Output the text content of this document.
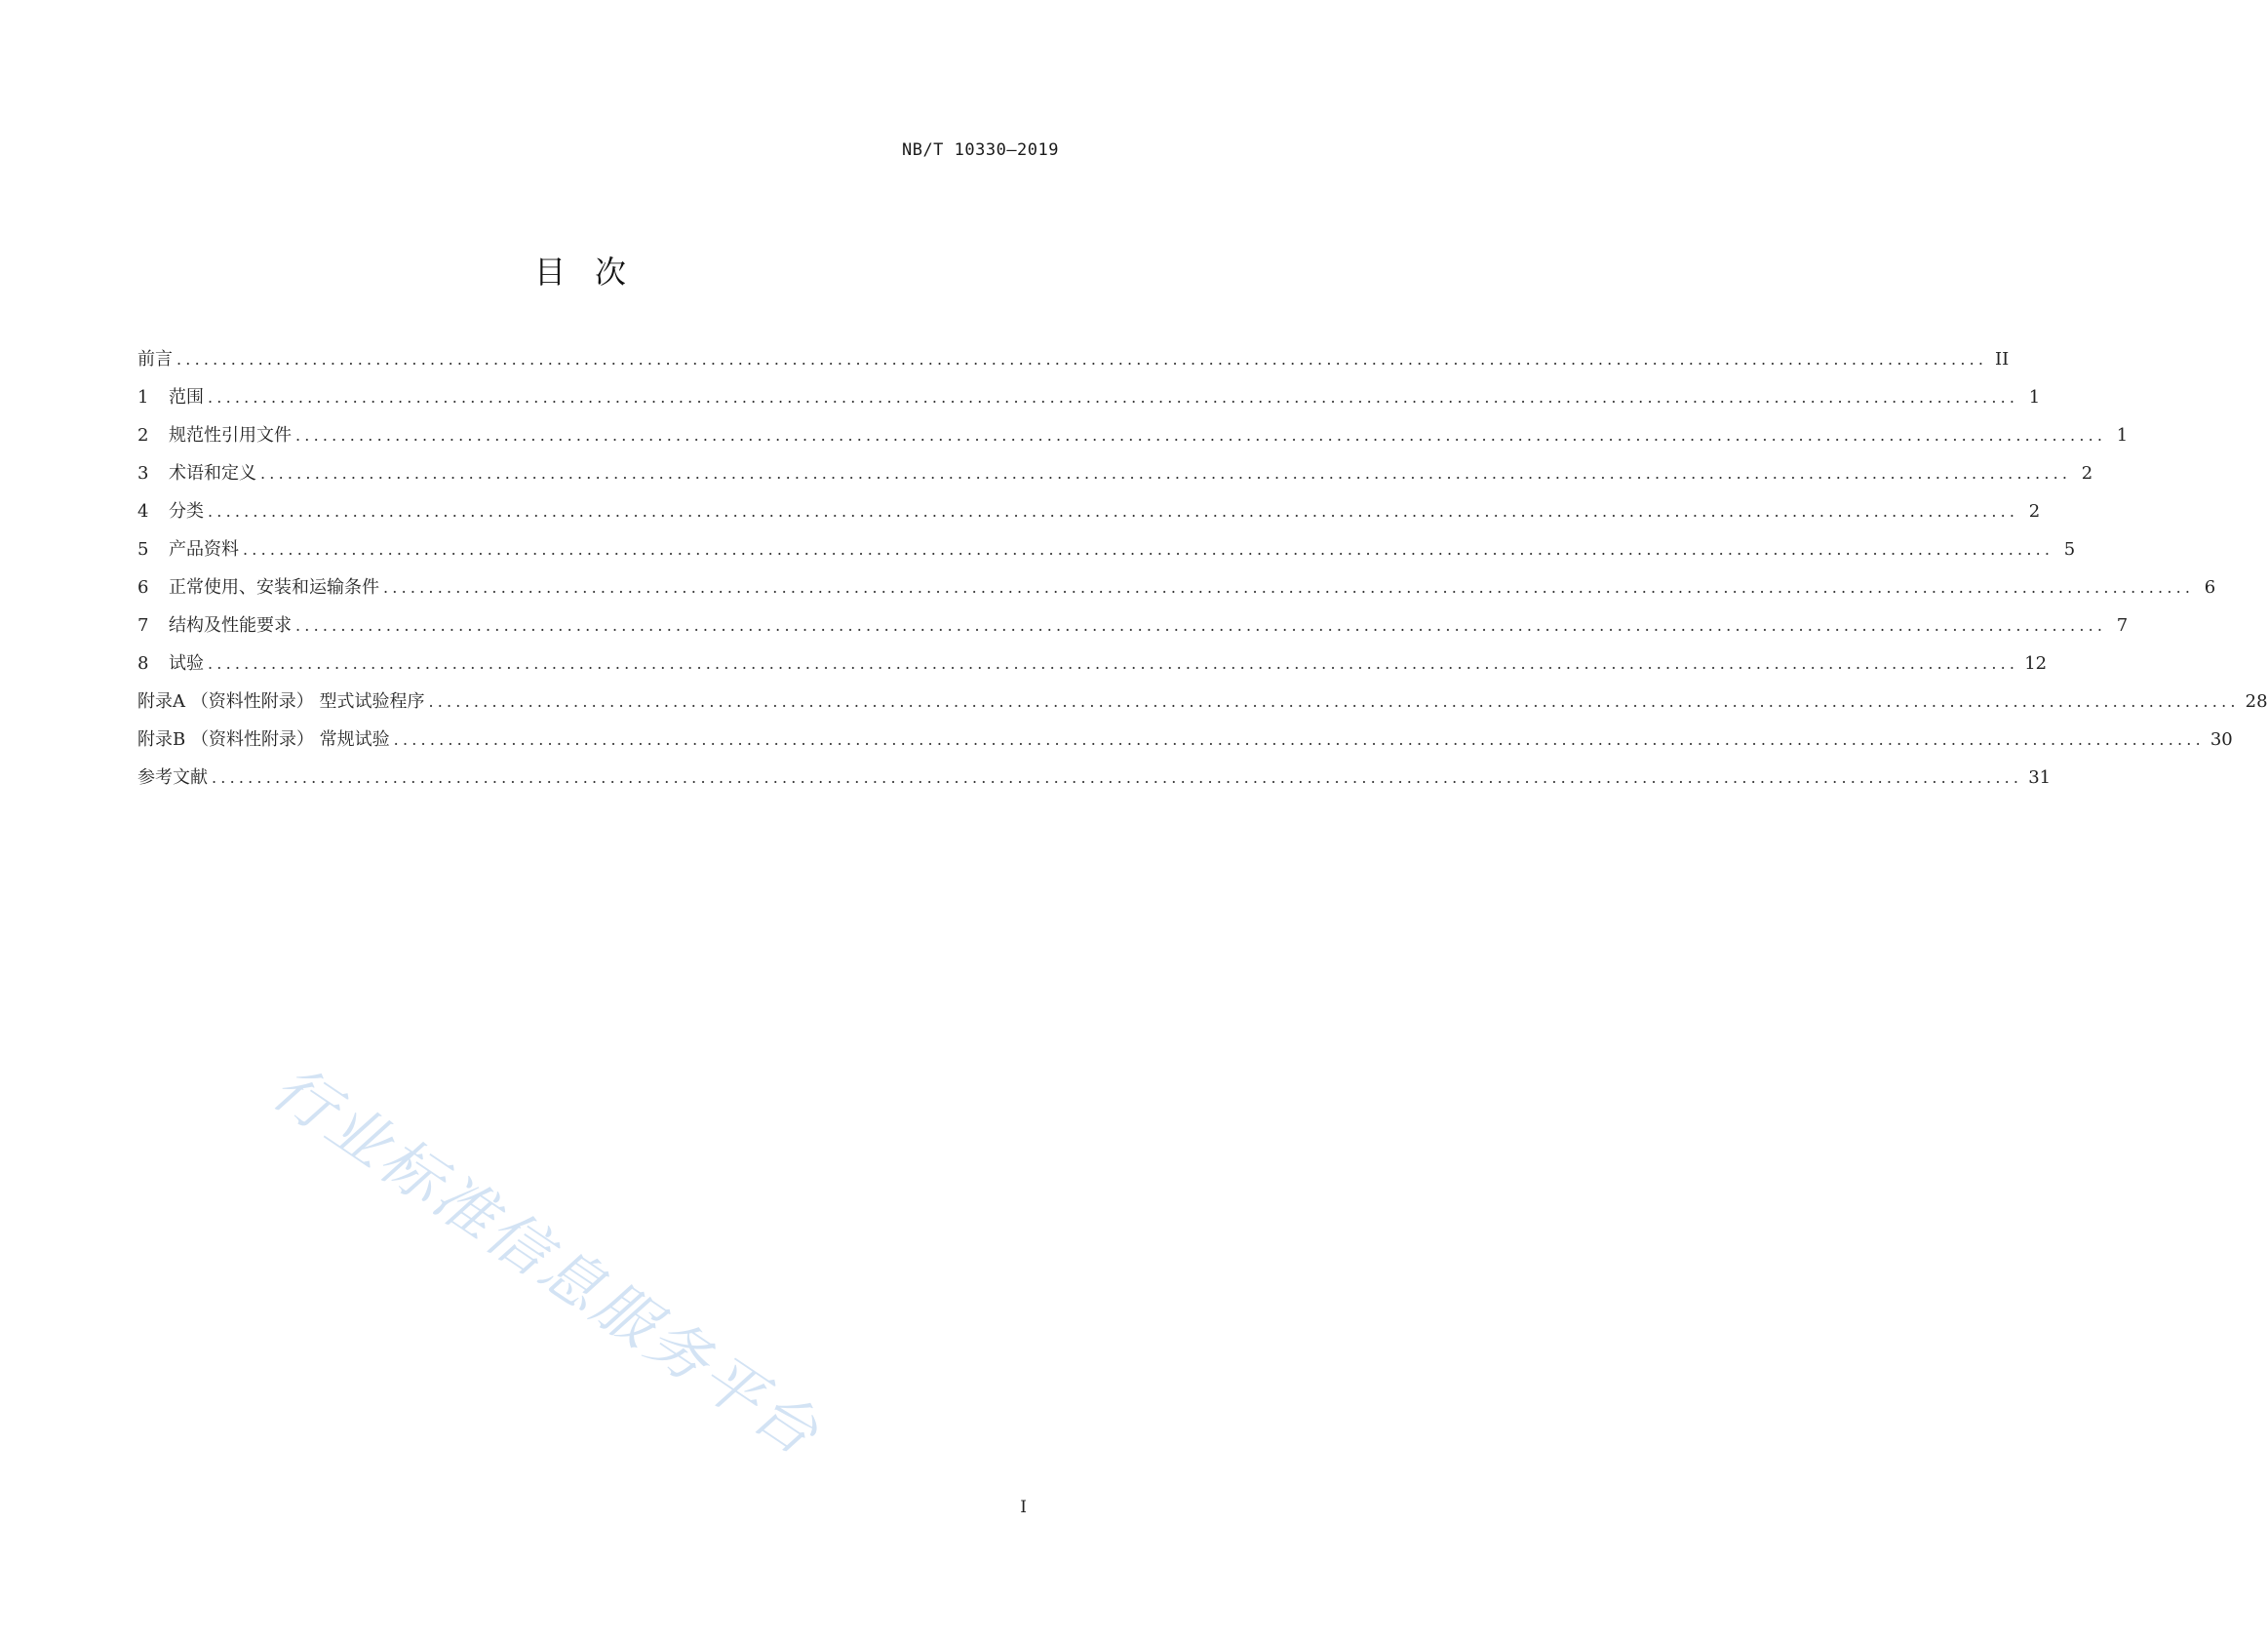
NB/T 10330—2019
目次
前言 ........................................................................................................................................................................................................ II
1	范围 ........................................................................................................................................................................................................ 1
2	规范性引用文件 ........................................................................................................................................................................................................ 1
3	术语和定义 ........................................................................................................................................................................................................ 2
4	分类 ........................................................................................................................................................................................................ 2
5	产品资料 ........................................................................................................................................................................................................ 5
6	正常使用、安装和运输条件 ........................................................................................................................................................................................................ 6
7	结构及性能要求 ........................................................................................................................................................................................................ 7
8	试验 ........................................................................................................................................................................................................ 12
附录A （资料性附录） 型式试验程序 ........................................................................................................................................................................................................ 28
附录B （资料性附录） 常规试验 ........................................................................................................................................................................................................ 30
参考文献 ........................................................................................................................................................................................................ 31
行业标准信息服务平台
I
